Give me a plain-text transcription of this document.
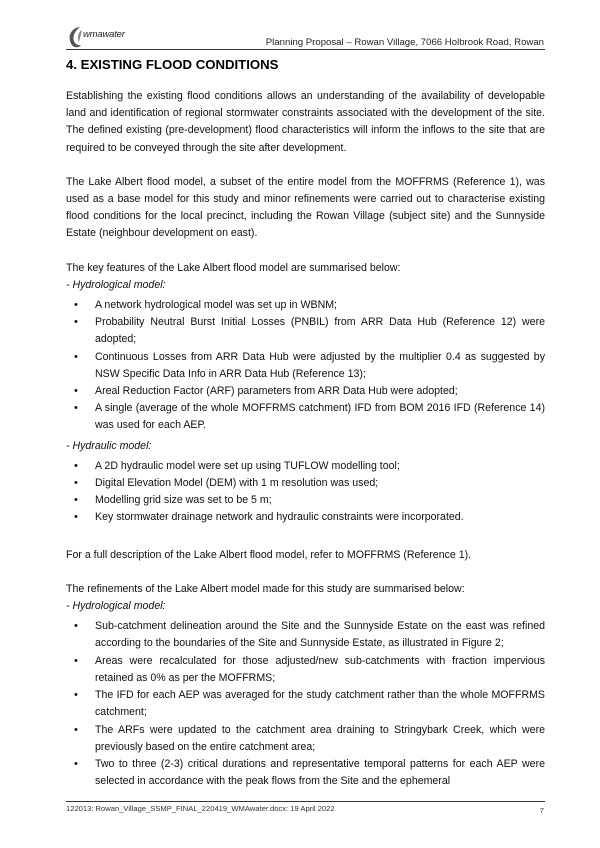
wmawater
Planning Proposal – Rowan Village, 7066 Holbrook Road, Rowan
4. EXISTING FLOOD CONDITIONS

Establishing the existing flood conditions allows an understanding of the availability of developable land and identification of regional stormwater constraints associated with the development of the site. The defined existing (pre-development) flood characteristics will inform the inflows to the site that are required to be conveyed through the site after development.

The Lake Albert flood model, a subset of the entire model from the MOFFRMS (Reference 1), was used as a base model for this study and minor refinements were carried out to characterise existing flood conditions for the local precinct, including the Rowan Village (subject site) and the Sunnyside Estate (neighbour development on east).

The key features of the Lake Albert flood model are summarised below:

- Hydrological model:

• A network hydrological model was set up in WBNM;
• Probability Neutral Burst Initial Losses (PNBIL) from ARR Data Hub (Reference 12) were adopted;
• Continuous Losses from ARR Data Hub were adjusted by the multiplier 0.4 as suggested by NSW Specific Data Info in ARR Data Hub (Reference 13);
• Areal Reduction Factor (ARF) parameters from ARR Data Hub were adopted;
• A single (average of the whole MOFFRMS catchment) IFD from BOM 2016 IFD (Reference 14) was used for each AEP.

- Hydraulic model:

• A 2D hydraulic model were set up using TUFLOW modelling tool;
• Digital Elevation Model (DEM) with 1 m resolution was used;
• Modelling grid size was set to be 5 m;
• Key stormwater drainage network and hydraulic constraints were incorporated.

For a full description of the Lake Albert flood model, refer to MOFFRMS (Reference 1).

The refinements of the Lake Albert model made for this study are summarised below:

- Hydrological model:

• Sub-catchment delineation around the Site and the Sunnyside Estate on the east was refined according to the boundaries of the Site and Sunnyside Estate, as illustrated in Figure 2;
• Areas were recalculated for those adjusted/new sub-catchments with fraction impervious retained as 0% as per the MOFFRMS;
• The IFD for each AEP was averaged for the study catchment rather than the whole MOFFRMS catchment;
• The ARFs were updated to the catchment area draining to Stringybark Creek, which were previously based on the entire catchment area;
• Two to three (2-3) critical durations and representative temporal patterns for each AEP were selected in accordance with the peak flows from the Site and the ephemeral
122013: Rowan_Village_SSMP_FINAL_220419_WMAwater.docx: 19 April 2022	7
